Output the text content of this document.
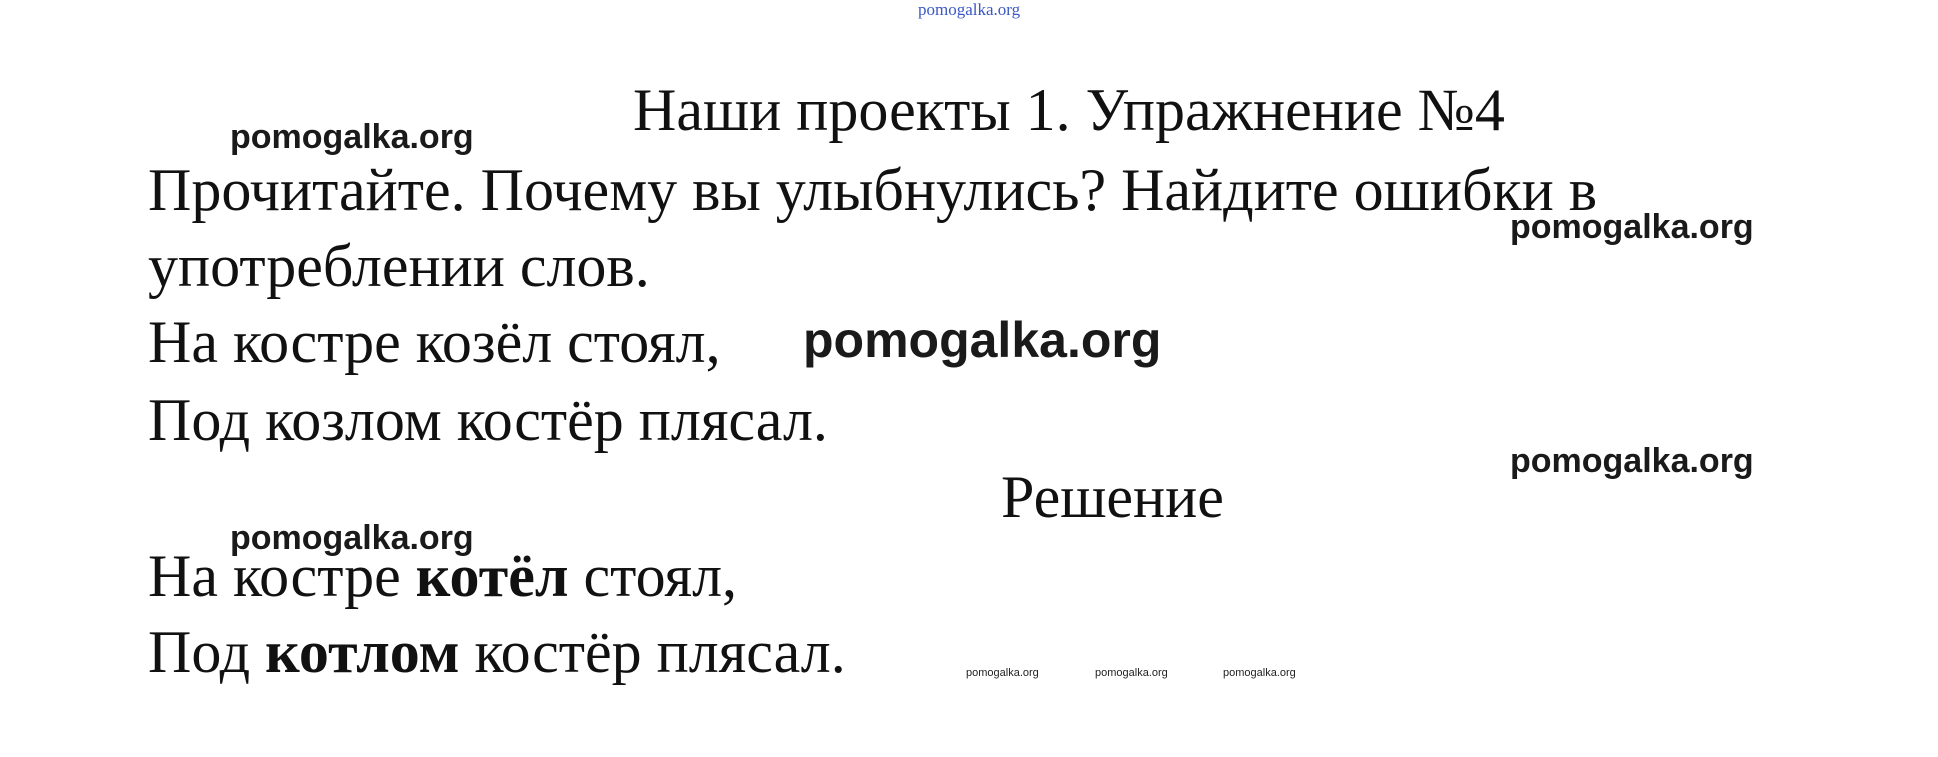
pomogalka.org
Наши проекты 1. Упражнение №4
pomogalka.org
Прочитайте. Почему вы улыбнулись? Найдите ошибки в
pomogalka.org
употреблении слов.
На костре козёл стоял, pomogalka.org
Под козлом костёр плясал.
pomogalka.org
Решение
pomogalka.org
На костре котёл стоял,
Под котлом костёр плясал.	pomogalka.org	pomogalka.org	pomogalka.org
